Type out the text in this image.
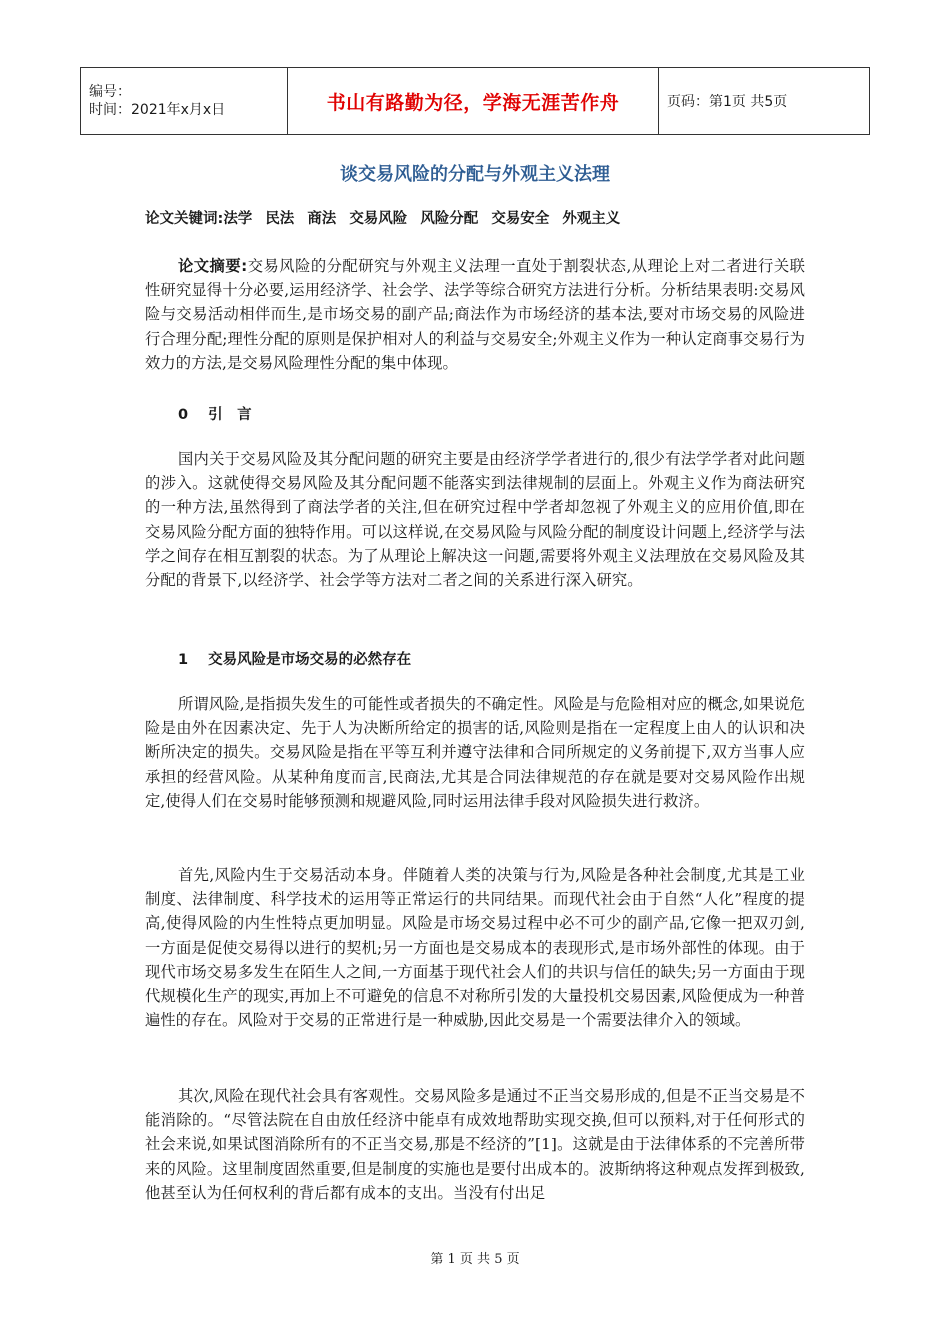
编号：
时间：2021年x月x日	书山有路勤为径，学海无涯苦作舟	页码：第1页 共5页
谈交易风险的分配与外观主义法理
论文关键词:法学 民法 商法 交易风险 风险分配 交易安全 外观主义

论文摘要:交易风险的分配研究与外观主义法理一直处于割裂状态,从理论上对二者进行关联性研究显得十分必要,运用经济学、社会学、法学等综合研究方法进行分析。分析结果表明:交易风险与交易活动相伴而生,是市场交易的副产品;商法作为市场经济的基本法,要对市场交易的风险进行合理分配;理性分配的原则是保护相对人的利益与交易安全;外观主义作为一种认定商事交易行为效力的方法,是交易风险理性分配的集中体现。

0 引　言

国内关于交易风险及其分配问题的研究主要是由经济学学者进行的,很少有法学学者对此问题的涉入。这就使得交易风险及其分配问题不能落实到法律规制的层面上。外观主义作为商法研究的一种方法,虽然得到了商法学者的关注,但在研究过程中学者却忽视了外观主义的应用价值,即在交易风险分配方面的独特作用。可以这样说,在交易风险与风险分配的制度设计问题上,经济学与法学之间存在相互割裂的状态。为了从理论上解决这一问题,需要将外观主义法理放在交易风险及其分配的背景下,以经济学、社会学等方法对二者之间的关系进行深入研究。

1 交易风险是市场交易的必然存在

所谓风险,是指损失发生的可能性或者损失的不确定性。风险是与危险相对应的概念,如果说危险是由外在因素决定、先于人为决断所给定的损害的话,风险则是指在一定程度上由人的认识和决断所决定的损失。交易风险是指在平等互利并遵守法律和合同所规定的义务前提下,双方当事人应承担的经营风险。从某种角度而言,民商法,尤其是合同法律规范的存在就是要对交易风险作出规定,使得人们在交易时能够预测和规避风险,同时运用法律手段对风险损失进行救济。

首先,风险内生于交易活动本身。伴随着人类的决策与行为,风险是各种社会制度,尤其是工业制度、法律制度、科学技术的运用等正常运行的共同结果。而现代社会由于自然“人化”程度的提高,使得风险的内生性特点更加明显。风险是市场交易过程中必不可少的副产品,它像一把双刃剑,一方面是促使交易得以进行的契机;另一方面也是交易成本的表现形式,是市场外部性的体现。由于现代市场交易多发生在陌生人之间,一方面基于现代社会人们的共识与信任的缺失;另一方面由于现代规模化生产的现实,再加上不可避免的信息不对称所引发的大量投机交易因素,风险便成为一种普遍性的存在。风险对于交易的正常进行是一种威胁,因此交易是一个需要法律介入的领域。

其次,风险在现代社会具有客观性。交易风险多是通过不正当交易形成的,但是不正当交易是不能消除的。“尽管法院在自由放任经济中能卓有成效地帮助实现交换,但可以预料,对于任何形式的社会来说,如果试图消除所有的不正当交易,那是不经济的”[1]。这就是由于法律体系的不完善所带来的风险。这里制度固然重要,但是制度的实施也是要付出成本的。波斯纳将这种观点发挥到极致,他甚至认为任何权利的背后都有成本的支出。当没有付出足

第 1 页 共 5 页
